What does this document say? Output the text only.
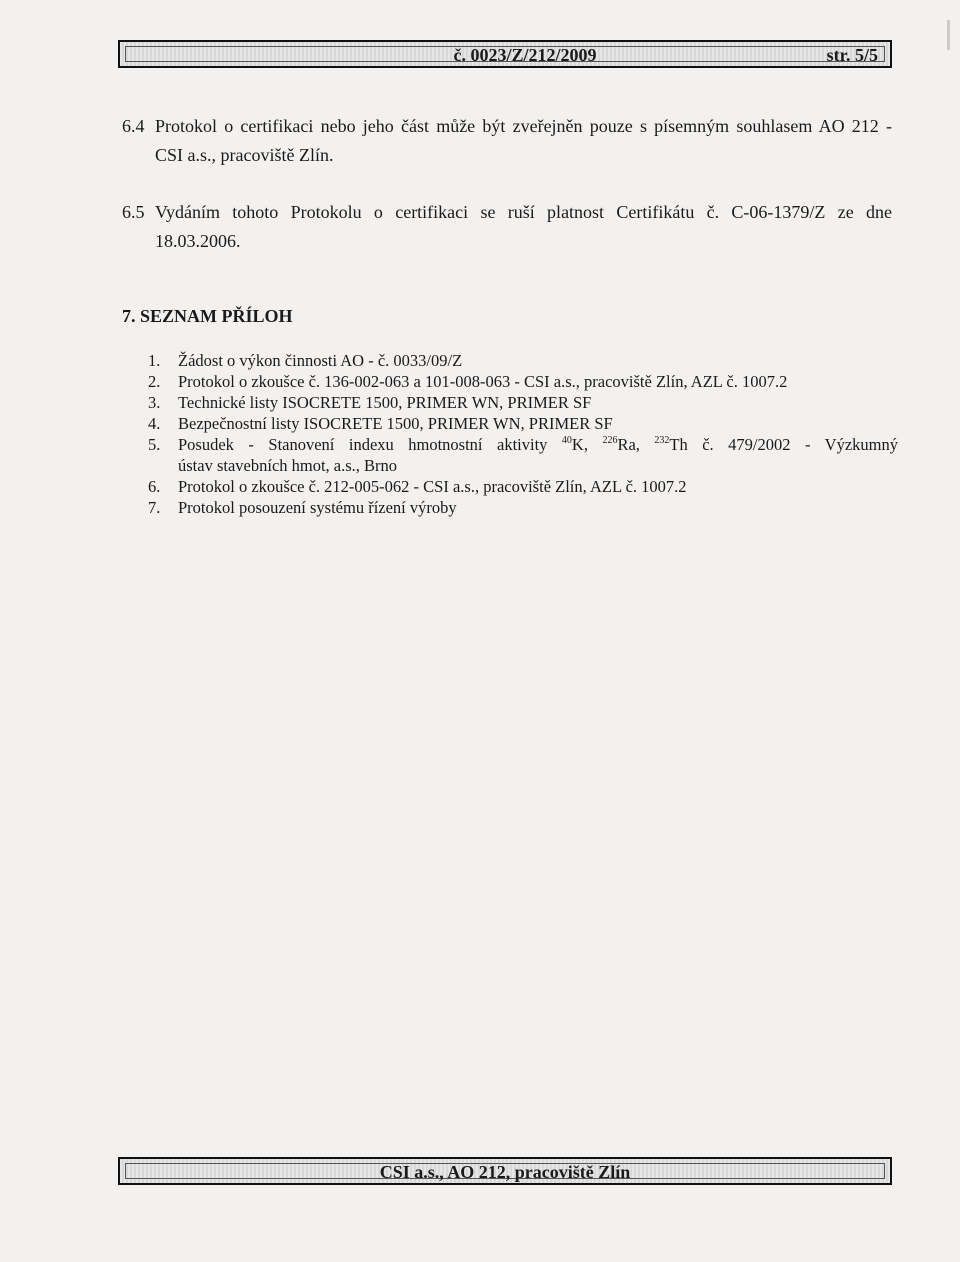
č. 0023/Z/212/2009	str. 5/5
6.4 Protokol o certifikaci nebo jeho část může být zveřejněn pouze s písemným souhlasem AO 212 -
CSI a.s., pracoviště Zlín.
6.5 Vydáním tohoto Protokolu o certifikaci se ruší platnost Certifikátu č. C-06-1379/Z ze dne
18.03.2006.
7. SEZNAM PŘÍLOH
1.	Žádost o výkon činnosti AO - č. 0033/09/Z
2.	Protokol o zkoušce č. 136-002-063 a 101-008-063 - CSI a.s., pracoviště Zlín, AZL č. 1007.2
3.	Technické listy ISOCRETE 1500, PRIMER WN, PRIMER SF
4.	Bezpečnostní listy ISOCRETE 1500, PRIMER WN, PRIMER SF
5.	Posudek - Stanovení indexu hmotnostní aktivity $^{40}$K, $^{226}$Ra, $^{232}$Th č. 479/2002 - Výzkumný
ústav stavebních hmot, a.s., Brno
6.	Protokol o zkoušce č. 212-005-062 - CSI a.s., pracoviště Zlín, AZL č. 1007.2
7.	Protokol posouzení systému řízení výroby
CSI a.s., AO 212, pracoviště Zlín
